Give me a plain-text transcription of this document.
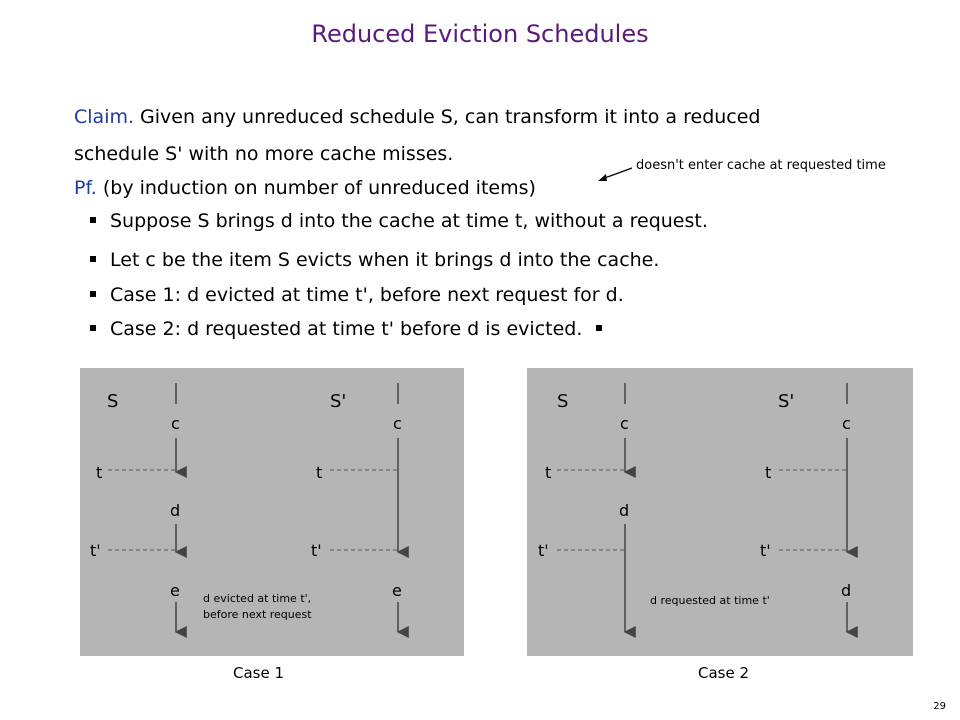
Reduced Eviction Schedules
Claim. Given any unreduced schedule S, can transform it into a reduced
schedule S' with no more cache misses.
Pf. (by induction on number of unreduced items)
doesn't enter cache at requested time
Suppose S brings d into the cache at time t, without a request.
Let c be the item S evicts when it brings d into the cache.
Case 1: d evicted at time t', before next request for d.
Case 2: d requested at time t' before d is evicted.
S	S'
c	c
t	t
d
t'	t'
e	e
d evicted at time t',
before next request
Case 1
S	S'
c	c
t	t
d
t'	t'
d
d requested at time t'
Case 2
29
